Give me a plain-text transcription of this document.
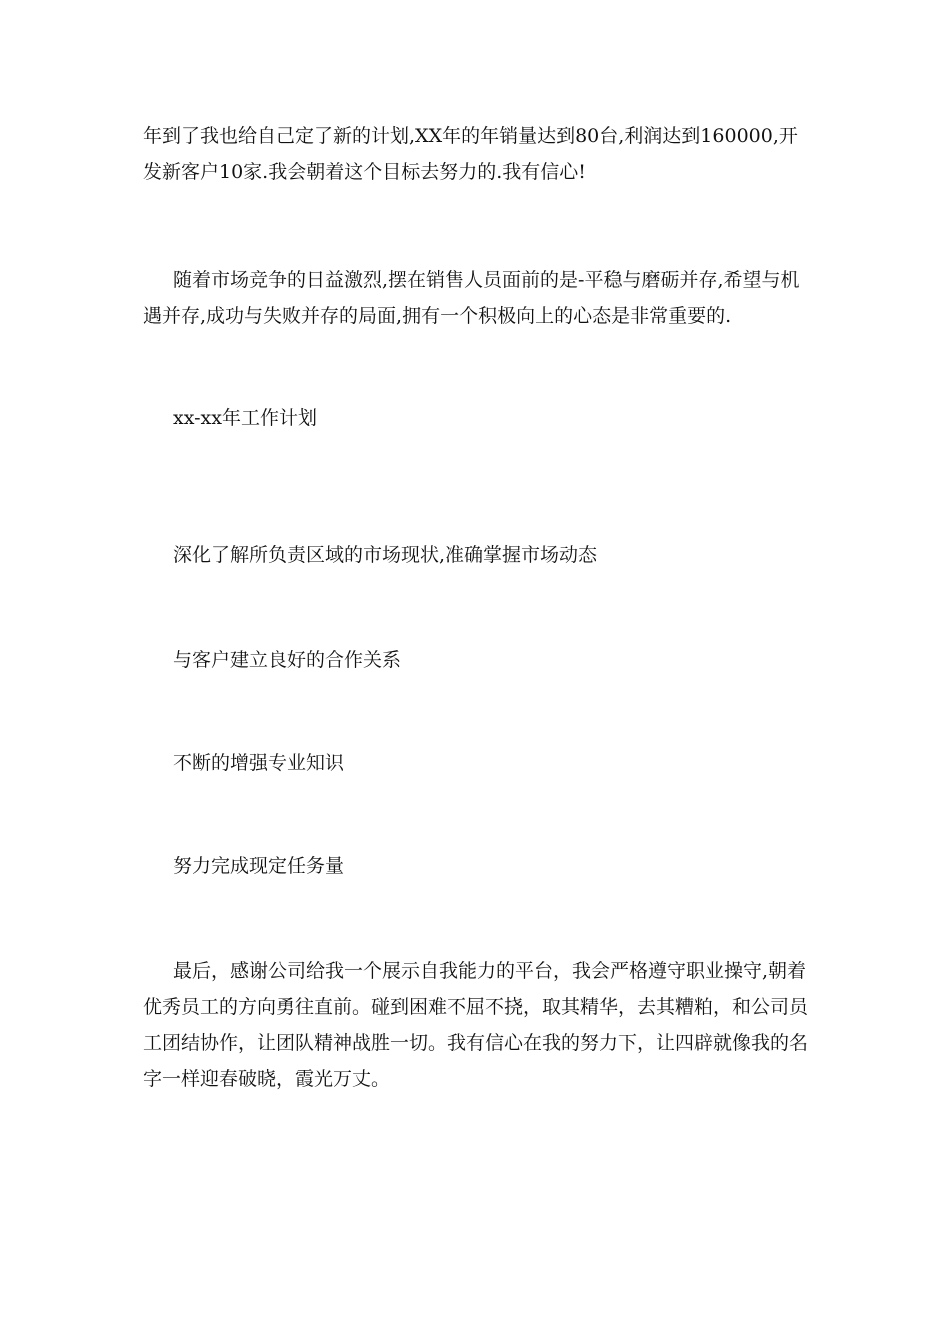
年到了我也给自己定了新的计划,XX年的年销量达到80台,利润达到160000,开发新客户10家.我会朝着这个目标去努力的.我有信心!

随着市场竞争的日益激烈,摆在销售人员面前的是-平稳与磨砺并存,希望与机遇并存,成功与失败并存的局面,拥有一个积极向上的心态是非常重要的.

xx-xx年工作计划

深化了解所负责区域的市场现状,准确掌握市场动态

与客户建立良好的合作关系

不断的增强专业知识

努力完成现定任务量

最后，感谢公司给我一个展示自我能力的平台，我会严格遵守职业操守,朝着优秀员工的方向勇往直前。碰到困难不屈不挠，取其精华，去其糟粕，和公司员工团结协作，让团队精神战胜一切。我有信心在我的努力下，让四辟就像我的名字一样迎春破晓，霞光万丈。
